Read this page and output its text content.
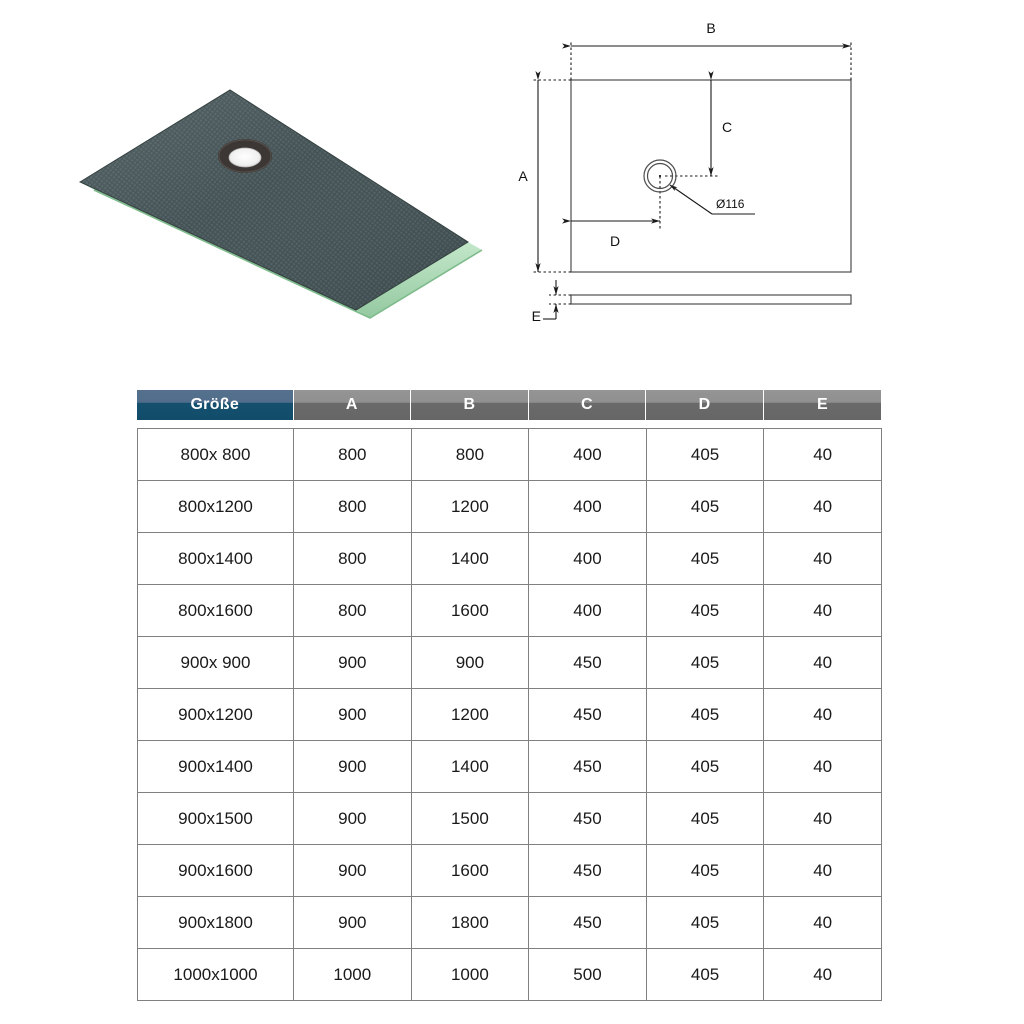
B
A
C
D
Ø116
E
Größe	A	B	C	D	E
800x 800	800	800	400	405	40
800x1200	800	1200	400	405	40
800x1400	800	1400	400	405	40
800x1600	800	1600	400	405	40
900x 900	900	900	450	405	40
900x1200	900	1200	450	405	40
900x1400	900	1400	450	405	40
900x1500	900	1500	450	405	40
900x1600	900	1600	450	405	40
900x1800	900	1800	450	405	40
1000x1000	1000	1000	500	405	40
